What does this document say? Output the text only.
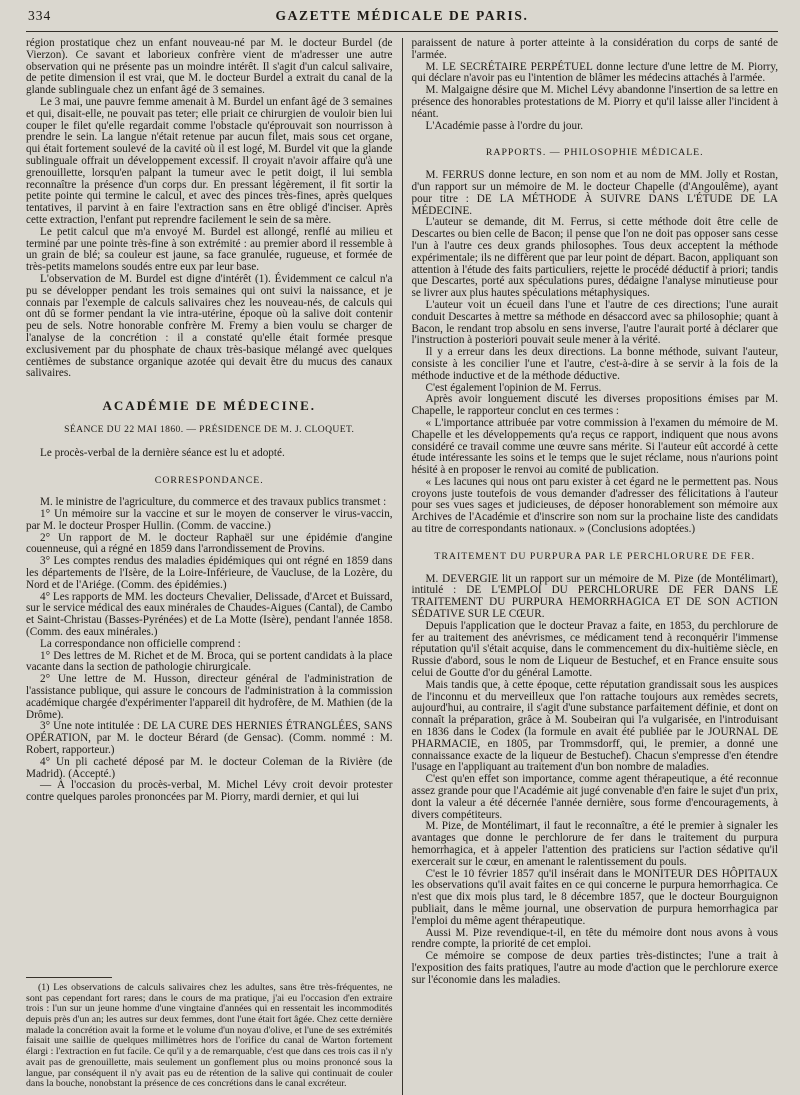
334	GAZETTE MÉDICALE DE PARIS.
région prostatique chez un enfant nouveau-né par M. le docteur Burdel (de Vierzon). Ce savant et laborieux confrère vient de m'adresser une autre observation qui ne présente pas un moindre intérêt. Il s'agit d'un calcul salivaire, de petite dimension il est vrai, que M. le docteur Burdel a extrait du canal de la glande sublinguale chez un enfant âgé de 3 semaines.
Le 3 mai, une pauvre femme amenait à M. Burdel un enfant âgé de 3 semaines et qui, disait-elle, ne pouvait pas teter; elle priait ce chirurgien de vouloir bien lui couper le filet qu'elle regardait comme l'obstacle qu'éprouvait son nourrisson à prendre le sein. La langue n'était retenue par aucun filet, mais sous cet organe, qui était fortement soulevé de la cavité où il est logé, M. Burdel vit que la glande sublinguale offrait un développement excessif. Il croyait n'avoir affaire qu'à une grenouillette, lorsqu'en palpant la tumeur avec le petit doigt, il lui sembla reconnaître la présence d'un corps dur. En pressant légèrement, il fit sortir la petite pointe qui termine le calcul, et avec des pinces très-fines, après quelques tentatives, il parvint à en faire l'extraction sans en être obligé d'inciser. Après cette extraction, l'enfant put reprendre facilement le sein de sa mère.
Le petit calcul que m'a envoyé M. Burdel est allongé, renflé au milieu et terminé par une pointe très-fine à son extrémité : au premier abord il ressemble à un grain de blé; sa couleur est jaune, sa face granulée, rugueuse, et formée de très-petits mamelons soudés entre eux par leur base.
L'observation de M. Burdel est digne d'intérêt (1). Évidemment ce calcul n'a pu se développer pendant les trois semaines qui ont suivi la naissance, et je connais par l'exemple de calculs salivaires chez les nouveau-nés, de calculs qui ont dû se former pendant la vie intra-utérine, époque où la salive doit contenir peu de sels. Notre honorable confrère M. Fremy a bien voulu se charger de l'analyse de la concrétion : il a constaté qu'elle était formée presque exclusivement par du phosphate de chaux très-basique mélangé avec quelques centièmes de substance organique azotée qui devait être du mucus des canaux salivaires.
ACADÉMIE DE MÉDECINE.
SÉANCE DU 22 MAI 1860. — PRÉSIDENCE DE M. J. CLOQUET.
Le procès-verbal de la dernière séance est lu et adopté.
CORRESPONDANCE.
M. le ministre de l'agriculture, du commerce et des travaux publics transmet :
1° Un mémoire sur la vaccine et sur le moyen de conserver le virus-vaccin, par M. le docteur Prosper Hullin. (Comm. de vaccine.)
2° Un rapport de M. le docteur Raphaël sur une épidémie d'angine couenneuse, qui a régné en 1859 dans l'arrondissement de Provins.
3° Les comptes rendus des maladies épidémiques qui ont régné en 1859 dans les départements de l'Isère, de la Loire-Inférieure, de Vaucluse, de la Lozère, du Nord et de l'Ariége. (Comm. des épidémies.)
4° Les rapports de MM. les docteurs Chevalier, Delissade, d'Arcet et Buissard, sur le service médical des eaux minérales de Chaudes-Aigues (Cantal), de Cambo et Saint-Christau (Basses-Pyrénées) et de La Motte (Isère), pendant l'année 1858. (Comm. des eaux minérales.)
La correspondance non officielle comprend :
1° Des lettres de M. Richet et de M. Broca, qui se portent candidats à la place vacante dans la section de pathologie chirurgicale.
2° Une lettre de M. Husson, directeur général de l'administration de l'assistance publique, qui assure le concours de l'administration à la commission académique chargée d'expérimenter l'appareil dit hydrofère, de M. Mathien (de la Drôme).
3° Une note intitulée : DE LA CURE DES HERNIES ÉTRANGLÉES, SANS OPÉRATION, par M. le docteur Bérard (de Gensac). (Comm. nommé : M. Robert, rapporteur.)
4° Un pli cacheté déposé par M. le docteur Coleman de la Rivière (de Madrid). (Accepté.)
— À l'occasion du procès-verbal, M. Michel Lévy croit devoir protester contre quelques paroles prononcées par M. Piorry, mardi dernier, et qui lui
(1) Les observations de calculs salivaires chez les adultes, sans être très-fréquentes, ne sont pas cependant fort rares; dans le cours de ma pratique, j'ai eu l'occasion d'en extraire trois : l'un sur un jeune homme d'une vingtaine d'années qui en ressentait les incommodités depuis près d'un an; les autres sur deux femmes, dont l'une était fort âgée. Chez cette dernière malade la concrétion avait la forme et le volume d'un noyau d'olive, et l'une de ses extrémités faisait une saillie de quelques millimètres hors de l'orifice du canal de Warton fortement élargi : l'extraction en fut facile. Ce qu'il y a de remarquable, c'est que dans ces trois cas il n'y avait pas de grenouillette, mais seulement un gonflement plus ou moins prononcé sous la langue, par conséquent il n'y avait pas eu de rétention de la salive qui continuait de couler dans la bouche, nonobstant la présence de ces concrétions dans le canal excréteur.
paraissent de nature à porter atteinte à la considération du corps de santé de l'armée.
M. LE SECRÉTAIRE PERPÉTUEL donne lecture d'une lettre de M. Piorry, qui déclare n'avoir pas eu l'intention de blâmer les médecins attachés à l'armée.
M. Malgaigne désire que M. Michel Lévy abandonne l'insertion de sa lettre en présence des honorables protestations de M. Piorry et qu'il laisse aller l'incident à néant.
L'Académie passe à l'ordre du jour.
RAPPORTS. — PHILOSOPHIE MÉDICALE.
M. FERRUS donne lecture, en son nom et au nom de MM. Jolly et Rostan, d'un rapport sur un mémoire de M. le docteur Chapelle (d'Angoulême), ayant pour titre : DE LA MÉTHODE À SUIVRE DANS L'ÉTUDE DE LA MÉDECINE.
L'auteur se demande, dit M. Ferrus, si cette méthode doit être celle de Descartes ou bien celle de Bacon; il pense que l'on ne doit pas opposer sans cesse l'un à l'autre ces deux grands philosophes. Tous deux acceptent la méthode expérimentale; ils ne diffèrent que par leur point de départ. Bacon, appliquant son attention à l'étude des faits particuliers, rejette le procédé déductif à priori; tandis que Descartes, porté aux spéculations pures, dédaigne l'analyse minutieuse pour se livrer aux plus hautes spéculations métaphysiques.
L'auteur voit un écueil dans l'une et l'autre de ces directions; l'une aurait conduit Descartes à mettre sa méthode en désaccord avec sa philosophie; quant à Bacon, le rendant trop absolu en sens inverse, l'autre l'aurait porté à déclarer que l'instruction à posteriori pouvait seule mener à la vérité.
Il y a erreur dans les deux directions. La bonne méthode, suivant l'auteur, consiste à les concilier l'une et l'autre, c'est-à-dire à se servir à la fois de la méthode inductive et de la méthode déductive.
C'est également l'opinion de M. Ferrus.
Après avoir longuement discuté les diverses propositions émises par M. Chapelle, le rapporteur conclut en ces termes :
« L'importance attribuée par votre commission à l'examen du mémoire de M. Chapelle et les développements qu'a reçus ce rapport, indiquent que nous avons considéré ce travail comme une œuvre sans mérite. Si l'auteur eût accordé à cette étude intéressante les soins et le temps que le sujet réclame, nous n'aurions point hésité à en proposer le renvoi au comité de publication.
« Les lacunes qui nous ont paru exister à cet égard ne le permettent pas. Nous croyons juste toutefois de vous demander d'adresser des félicitations à l'auteur pour ses vues sages et judicieuses, de déposer honorablement son mémoire aux Archives de l'Académie et d'inscrire son nom sur la prochaine liste des candidats au titre de correspondants nationaux. » (Conclusions adoptées.)
TRAITEMENT DU PURPURA PAR LE PERCHLORURE DE FER.
M. DEVERGIE lit un rapport sur un mémoire de M. Pize (de Montélimart), intitulé : DE L'EMPLOI DU PERCHLORURE DE FER DANS LE TRAITEMENT DU PURPURA HEMORRHAGICA ET DE SON ACTION SÉDATIVE SUR LE CŒUR.
Depuis l'application que le docteur Pravaz a faite, en 1853, du perchlorure de fer au traitement des anévrismes, ce médicament tend à reconquérir l'immense réputation qu'il s'était acquise, dans le commencement du dix-huitième siècle, en Russie d'abord, sous le nom de Liqueur de Bestuchef, et en France ensuite sous celui de Goutte d'or du général Lamotte.
Mais tandis que, à cette époque, cette réputation grandissait sous les auspices de l'inconnu et du merveilleux que l'on rattache toujours aux remèdes secrets, aujourd'hui, au contraire, il s'agit d'une substance parfaitement définie, et dont on connaît la préparation, grâce à M. Soubeiran qui l'a vulgarisée, en l'introduisant en 1836 dans le Codex (la formule en avait été publiée par le JOURNAL DE PHARMACIE, en 1805, par Trommsdorff, qui, le premier, a donné une connaissance exacte de la liqueur de Bestuchef). Chacun s'empresse d'en étendre l'usage en l'appliquant au traitement d'un bon nombre de maladies.
C'est qu'en effet son importance, comme agent thérapeutique, a été reconnue assez grande pour que l'Académie ait jugé convenable d'en faire le sujet d'un prix, dont la valeur a été décernée l'année dernière, sous forme d'encouragements, à divers compétiteurs.
M. Pize, de Montélimart, il faut le reconnaître, a été le premier à signaler les avantages que donne le perchlorure de fer dans le traitement du purpura hemorrhagica, et à appeler l'attention des praticiens sur l'action sédative qu'il exercerait sur le cœur, en amenant le ralentissement du pouls.
C'est le 10 février 1857 qu'il insérait dans le MONITEUR DES HÔPITAUX les observations qu'il avait faites en ce qui concerne le purpura hemorrhagica. Ce n'est que dix mois plus tard, le 8 décembre 1857, que le docteur Bourguignon publiait, dans le même journal, une observation de purpura hemorrhagica par l'emploi du même agent thérapeutique.
Aussi M. Pize revendique-t-il, en tête du mémoire dont nous avons à vous rendre compte, la priorité de cet emploi.
Ce mémoire se compose de deux parties très-distinctes; l'une a trait à l'exposition des faits pratiques, l'autre au mode d'action que le perchlorure exerce sur l'économie dans les maladies.
